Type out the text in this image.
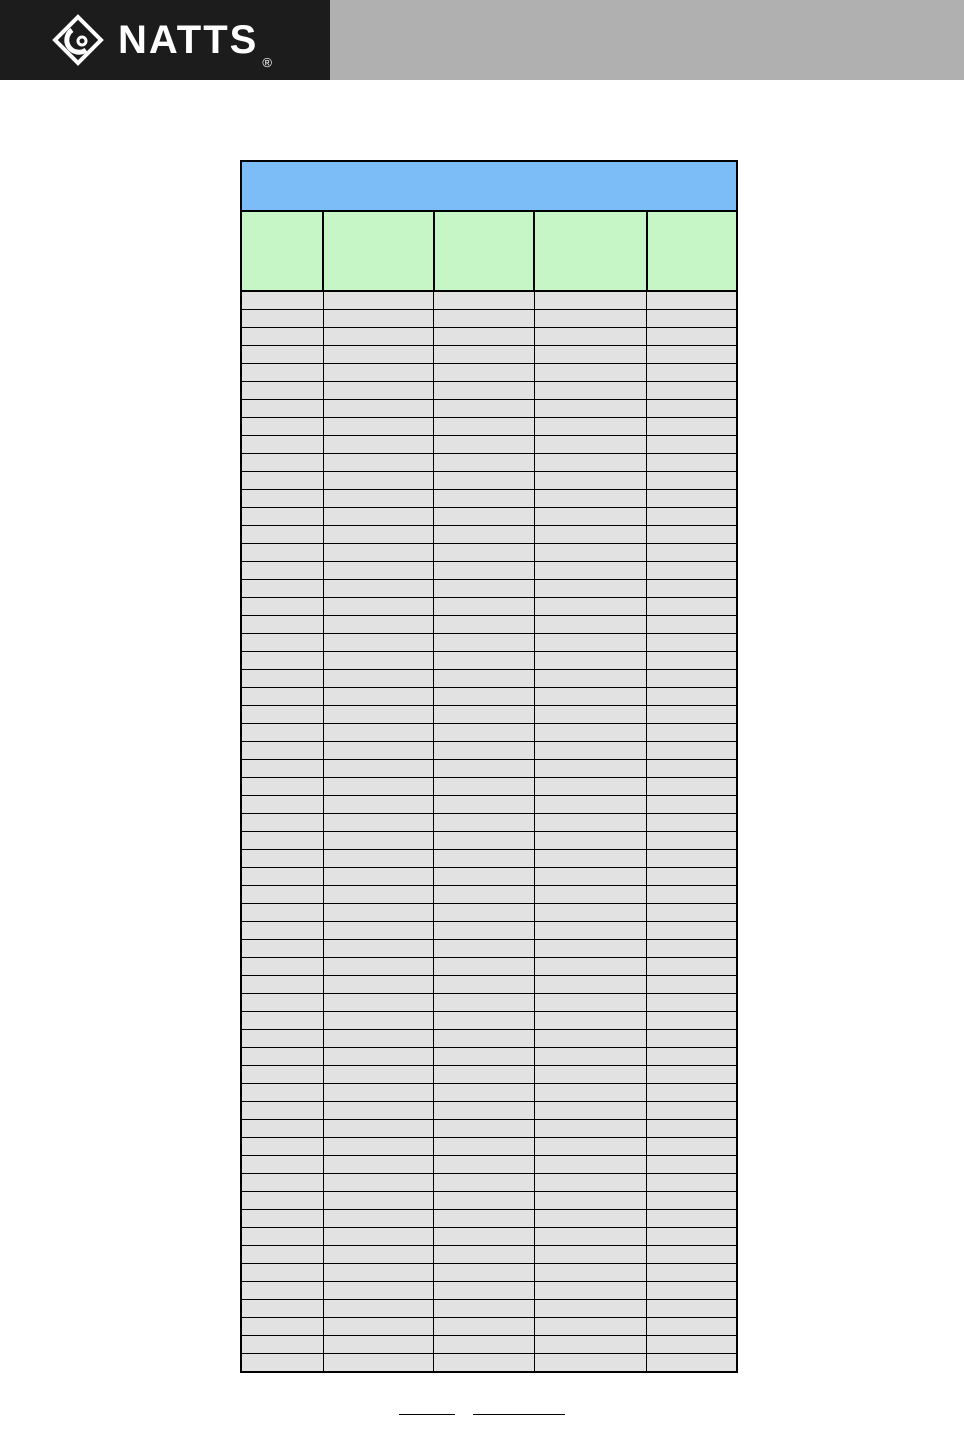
NATTS
®
